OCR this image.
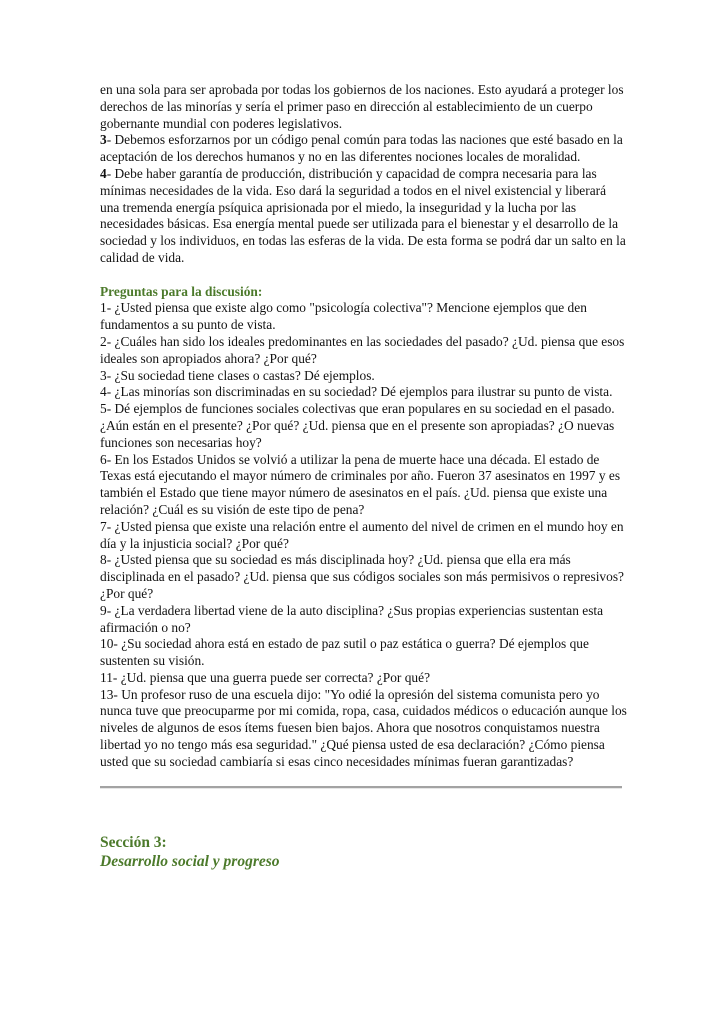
en una sola para ser aprobada por todas los gobiernos de los naciones. Esto ayudará a proteger los derechos de las minorías y sería el primer paso en dirección al establecimiento de un cuerpo gobernante mundial con poderes legislativos.

3- Debemos esforzarnos por un código penal común para todas las naciones que esté basado en la aceptación de los derechos humanos y no en las diferentes nociones locales de moralidad.

4- Debe haber garantía de producción, distribución y capacidad de compra necesaria para las mínimas necesidades de la vida. Eso dará la seguridad a todos en el nivel existencial y liberará una tremenda energía psíquica aprisionada por el miedo, la inseguridad y la lucha por las necesidades básicas. Esa energía mental puede ser utilizada para el bienestar y el desarrollo de la sociedad y los individuos, en todas las esferas de la vida. De esta forma se podrá dar un salto en la calidad de vida.

Preguntas para la discusión:

1- ¿Usted piensa que existe algo como "psicología colectiva"? Mencione ejemplos que den fundamentos a su punto de vista.

2- ¿Cuáles han sido los ideales predominantes en las sociedades del pasado? ¿Ud. piensa que esos ideales son apropiados ahora? ¿Por qué?

3- ¿Su sociedad tiene clases o castas? Dé ejemplos.

4- ¿Las minorías son discriminadas en su sociedad? Dé ejemplos para ilustrar su punto de vista.

5- Dé ejemplos de funciones sociales colectivas que eran populares en su sociedad en el pasado. ¿Aún están en el presente? ¿Por qué? ¿Ud. piensa que en el presente son apropiadas? ¿O nuevas funciones son necesarias hoy?

6- En los Estados Unidos se volvió a utilizar la pena de muerte hace una década. El estado de Texas está ejecutando el mayor número de criminales por año. Fueron 37 asesinatos en 1997 y es también el Estado que tiene mayor número de asesinatos en el país. ¿Ud. piensa que existe una relación? ¿Cuál es su visión de este tipo de pena?

7- ¿Usted piensa que existe una relación entre el aumento del nivel de crimen en el mundo hoy en día y la injusticia social? ¿Por qué?

8- ¿Usted piensa que su sociedad es más disciplinada hoy? ¿Ud. piensa que ella era más disciplinada en el pasado? ¿Ud. piensa que sus códigos sociales son más permisivos o represivos? ¿Por qué?

9- ¿La verdadera libertad viene de la auto disciplina? ¿Sus propias experiencias sustentan esta afirmación o no?

10- ¿Su sociedad ahora está en estado de paz sutil o paz estática o guerra? Dé ejemplos que sustenten su visión.

11- ¿Ud. piensa que una guerra puede ser correcta? ¿Por qué?

13- Un profesor ruso de una escuela dijo: "Yo odié la opresión del sistema comunista pero yo nunca tuve que preocuparme por mi comida, ropa, casa, cuidados médicos o educación aunque los niveles de algunos de esos ítems fuesen bien bajos. Ahora que nosotros conquistamos nuestra libertad yo no tengo más esa seguridad." ¿Qué piensa usted de esa declaración? ¿Cómo piensa usted que su sociedad cambiaría si esas cinco necesidades mínimas fueran garantizadas?

Sección 3:
Desarrollo social y progreso
